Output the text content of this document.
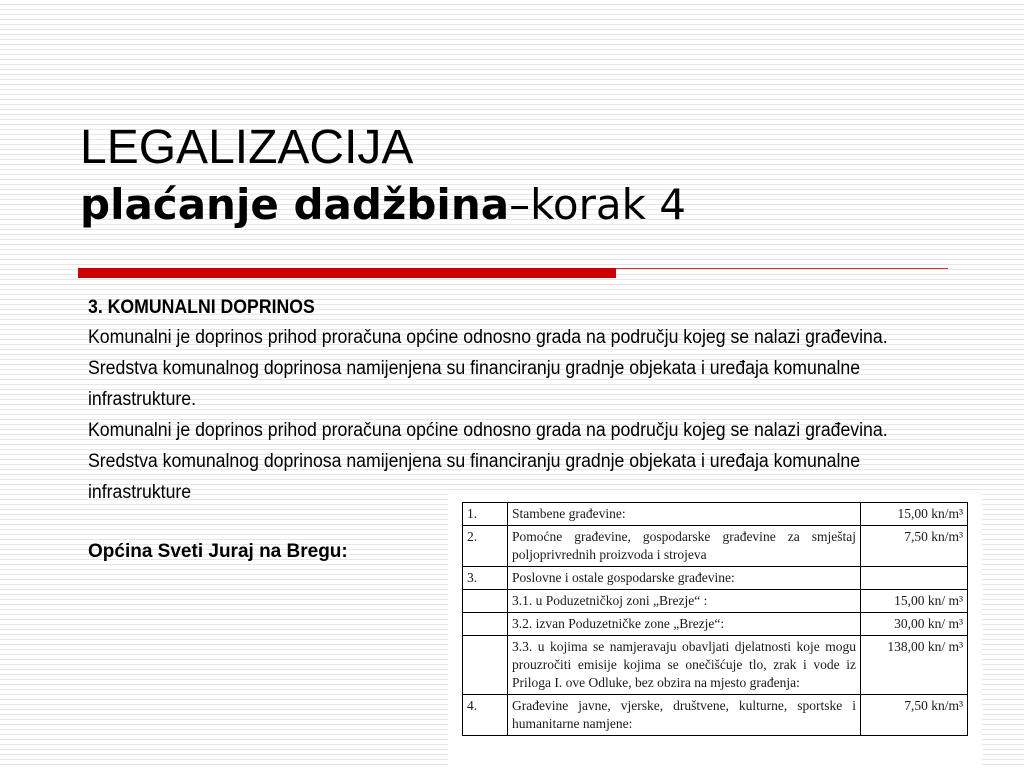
LEGALIZACIJA
plaćanje dadžbina–korak 4

3. KOMUNALNI DOPRINOS

Komunalni je doprinos prihod proračuna općine odnosno grada na području kojeg se nalazi građevina. Sredstva komunalnog doprinosa namijenjena su financiranju gradnje objekata i uređaja komunalne infrastrukture.

Komunalni je doprinos prihod proračuna općine odnosno grada na području kojeg se nalazi građevina. Sredstva komunalnog doprinosa namijenjena su financiranju gradnje objekata i uređaja komunalne infrastrukture

Općina Sveti Juraj na Bregu:
1.	Stambene građevine:	15,00 kn/m³
2.	Pomoćne građevine, gospodarske građevine za smještaj poljoprivrednih proizvoda i strojeva	7,50 kn/m³
3.	Poslovne i ostale gospodarske građevine:	
	3.1. u Poduzetničkoj zoni „Brezje“ :	15,00 kn/ m³
	3.2. izvan Poduzetničke zone „Brezje“:	30,00 kn/ m³
	3.3. u kojima se namjeravaju obavljati djelatnosti koje mogu prouzročiti emisije kojima se onečišćuje tlo, zrak i vode iz Priloga I. ove Odluke, bez obzira na mjesto građenja:	138,00 kn/ m³
4.	Građevine javne, vjerske, društvene, kulturne, sportske i humanitarne namjene:	7,50 kn/m³
